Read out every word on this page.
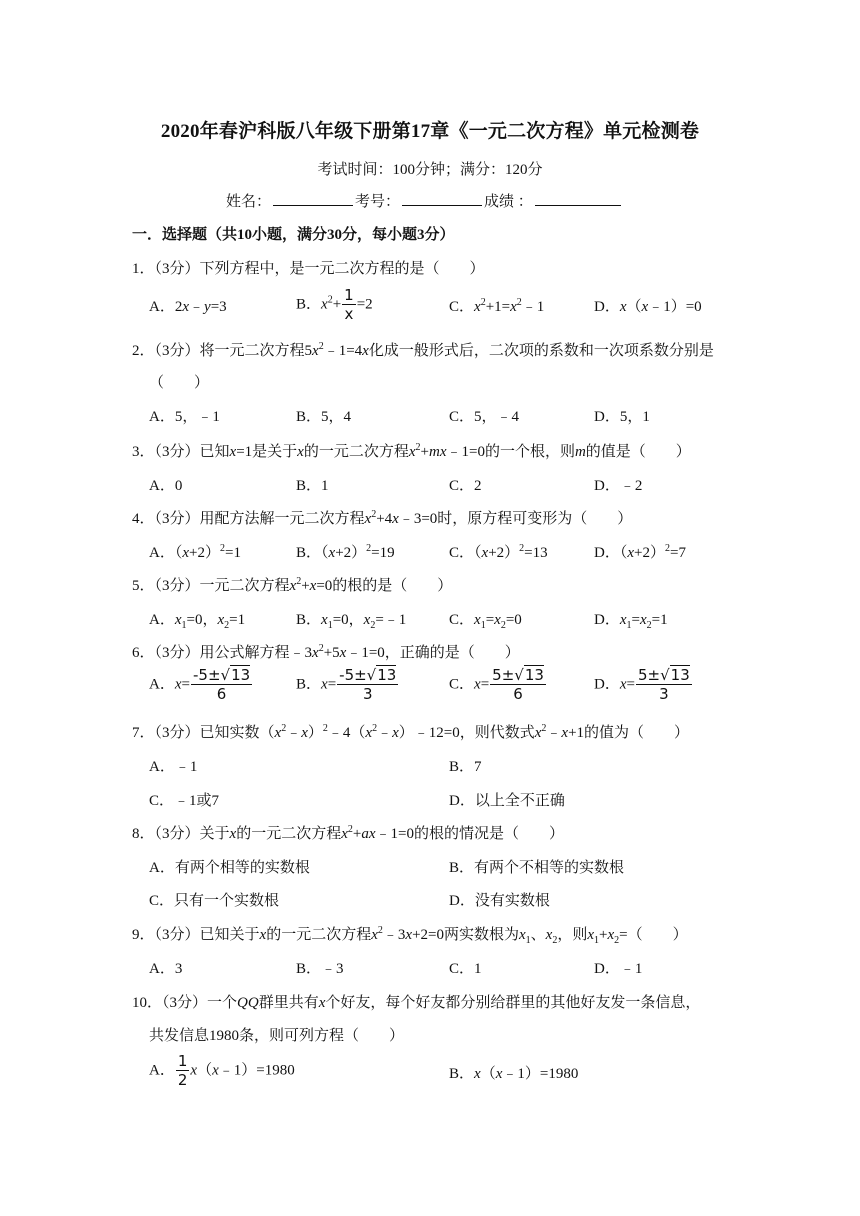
2020年春沪科版八年级下册第17章《一元二次方程》单元检测卷
考试时间：100分钟；满分：120分
姓名：	考号：	成绩 ：
一．选择题（共10小题，满分30分，每小题3分）
1．（3分）下列方程中，是一元二次方程的是（　　）
A．2x﹣y=3	B．$x^2+ \frac{1}{x} =2$	C．$x^2+1=x^2﹣1$	D．x（x﹣1）=0
2．（3分）将一元二次方程$5x^2﹣1=4x$化成一般形式后，二次项的系数和一次项系数分别是
（　　）
A．5，﹣1	B．5，4	C．5，﹣4	D．5，1
3．（3分）已知x=1是关于x的一元二次方程$x^2+mx﹣1=0$的一个根，则m的值是（　　）
A．0	B．1	C．2	D．﹣2
4．（3分）用配方法解一元二次方程$x^2+4x﹣3=0$时，原方程可变形为（　　）
A．$(x+2)^2=1$	B．$(x+2)^2=19$	C．$(x+2)^2=13$	D．$(x+2)^2=7$
5．（3分）一元二次方程$x^2+x=0$的根的是（　　）
A．$x_1=0$，$x_2=1$	B．$x_1=0$，$x_2=﹣1$	C．$x_1=x_2=0$	D．$x_1=x_2=1$
6．（3分）用公式解方程$﹣3x^2+5x﹣1=0$，正确的是（　　）
A．$x= \frac{-5\pm√13}{6}$	B．$x= \frac{-5\pm√13}{3}$	C．$x= \frac{5\pm√13}{6}$	D．$x= \frac{5\pm√13}{3}$
7．（3分）已知实数$(x^2﹣x)^2﹣4(x^2﹣x)﹣12=0$，则代数式$x^2﹣x+1$的值为（　　）
A．﹣1	B．7
C．﹣1或7	D．以上全不正确
8．（3分）关于x的一元二次方程$x^2+ax﹣1=0$的根的情况是（　　）
A．有两个相等的实数根	B．有两个不相等的实数根
C．只有一个实数根	D．没有实数根
9．（3分）已知关于x的一元二次方程$x^2﹣3x+2=0$两实数根为$x_1$、$x_2$，则$x_1+x_2=$（　　）
A．3	B．﹣3	C．1	D．﹣1
10．（3分）一个QQ群里共有x个好友，每个好友都分别给群里的其他好友发一条信息，
共发信息1980条，则可列方程（　　）
A． $\frac{1}{2}$ x（x﹣1）=1980	B．x（x﹣1）=1980
